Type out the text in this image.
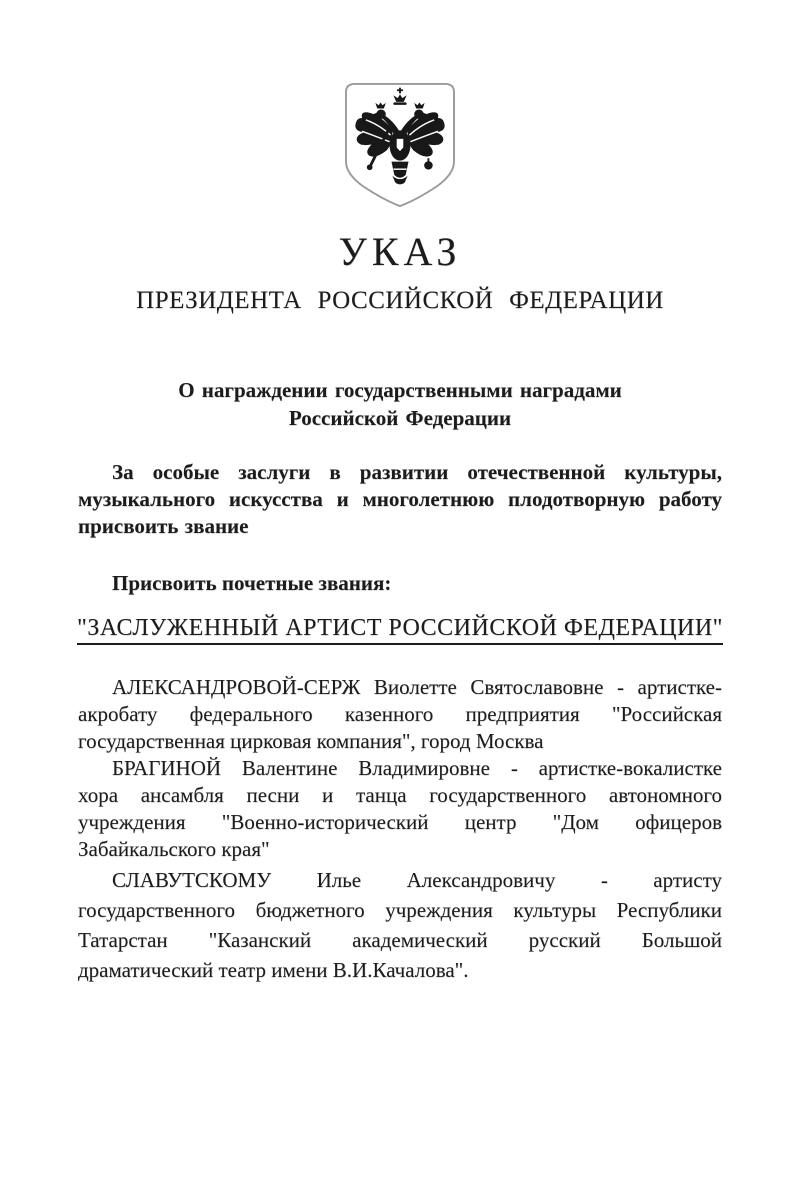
УКАЗ
ПРЕЗИДЕНТА РОССИЙСКОЙ ФЕДЕРАЦИИ
О награждении государственными наградами
Российской Федерации
За особые заслуги в развитии отечественной культуры,
музыкального искусства и многолетнюю плодотворную работу
присвоить звание
Присвоить почетные звания:
"ЗАСЛУЖЕННЫЙ АРТИСТ РОССИЙСКОЙ ФЕДЕРАЦИИ"
АЛЕКСАНДРОВОЙ-СЕРЖ Виолетте Святославовне - артистке-
акробату федерального казенного предприятия "Российская
государственная цирковая компания", город Москва
БРАГИНОЙ Валентине Владимировне - артистке-вокалистке
хора ансамбля песни и танца государственного автономного
учреждения "Военно-исторический центр "Дом офицеров
Забайкальского края"
СЛАВУТСКОМУ Илье Александровичу - артисту
государственного бюджетного учреждения культуры Республики
Татарстан "Казанский академический русский Большой
драматический театр имени В.И.Качалова".
